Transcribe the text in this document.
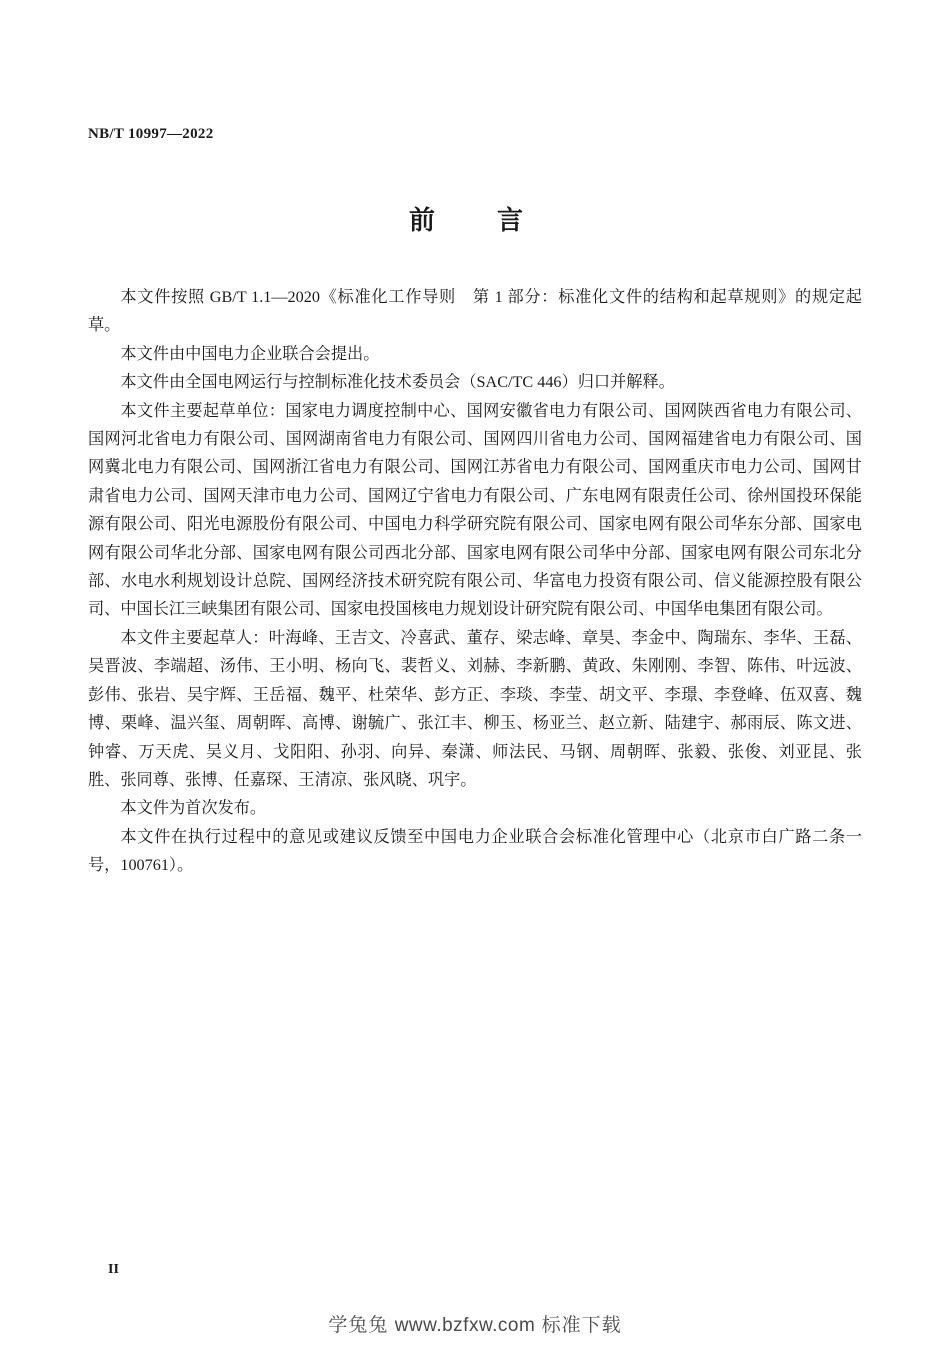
NB/T 10997—2022
前　言

本文件按照 GB/T 1.1—2020《标准化工作导则　第 1 部分：标准化文件的结构和起草规则》的规定起草。

本文件由中国电力企业联合会提出。

本文件由全国电网运行与控制标准化技术委员会（SAC/TC 446）归口并解释。

本文件主要起草单位：国家电力调度控制中心、国网安徽省电力有限公司、国网陕西省电力有限公司、国网河北省电力有限公司、国网湖南省电力有限公司、国网四川省电力公司、国网福建省电力有限公司、国网冀北电力有限公司、国网浙江省电力有限公司、国网江苏省电力有限公司、国网重庆市电力公司、国网甘肃省电力公司、国网天津市电力公司、国网辽宁省电力有限公司、广东电网有限责任公司、徐州国投环保能源有限公司、阳光电源股份有限公司、中国电力科学研究院有限公司、国家电网有限公司华东分部、国家电网有限公司华北分部、国家电网有限公司西北分部、国家电网有限公司华中分部、国家电网有限公司东北分部、水电水利规划设计总院、国网经济技术研究院有限公司、华富电力投资有限公司、信义能源控股有限公司、中国长江三峡集团有限公司、国家电投国核电力规划设计研究院有限公司、中国华电集团有限公司。

本文件主要起草人：叶海峰、王吉文、冷喜武、董存、梁志峰、章昊、李金中、陶瑞东、李华、王磊、吴晋波、李端超、汤伟、王小明、杨向飞、裴哲义、刘赫、李新鹏、黄政、朱刚刚、李智、陈伟、叶远波、彭伟、张岩、吴宇辉、王岳福、魏平、杜荣华、彭方正、李琰、李莹、胡文平、李璟、李登峰、伍双喜、魏博、栗峰、温兴玺、周朝晖、高博、谢毓广、张江丰、柳玉、杨亚兰、赵立新、陆建宇、郝雨辰、陈文进、钟睿、万天虎、吴义月、戈阳阳、孙羽、向异、秦潇、师法民、马钢、周朝晖、张毅、张俊、刘亚昆、张胜、张同尊、张博、任嘉琛、王清凉、张风晓、巩宇。

本文件为首次发布。

本文件在执行过程中的意见或建议反馈至中国电力企业联合会标准化管理中心（北京市白广路二条一号，100761）。

II
学兔兔 www.bzfxw.com 标准下载
